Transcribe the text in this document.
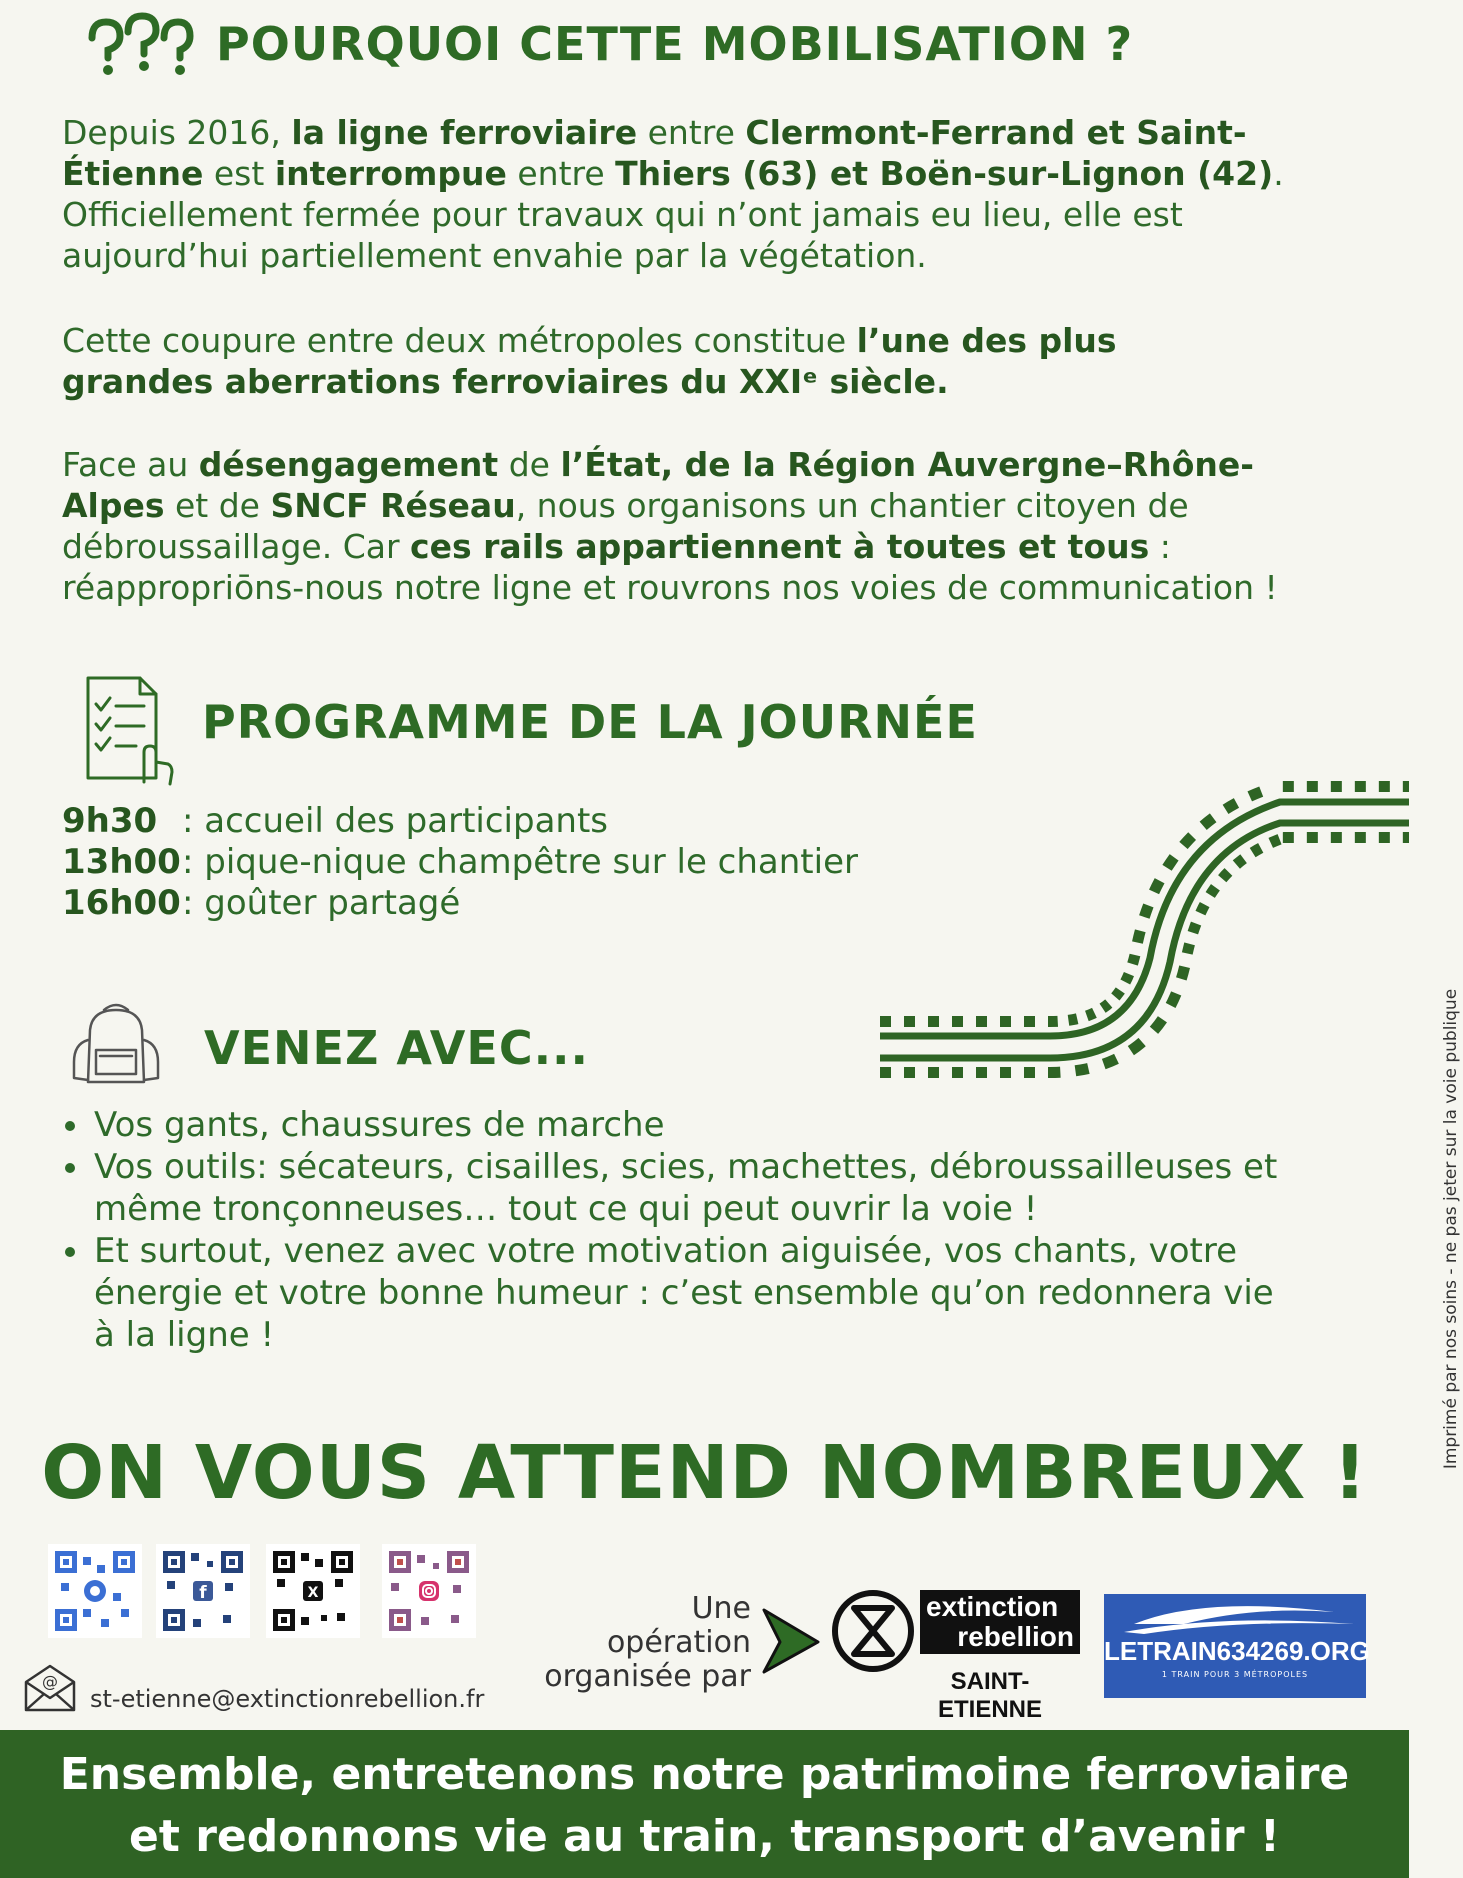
POURQUOI CETTE MOBILISATION ?

Depuis 2016, la ligne ferroviaire entre Clermont-Ferrand et Saint-Étienne est interrompue entre Thiers (63) et Boën-sur-Lignon (42). Officiellement fermée pour travaux qui n’ont jamais eu lieu, elle est aujourd’hui partiellement envahie par la végétation.

Cette coupure entre deux métropoles constitue l’une des plus grandes aberrations ferroviaires du XXIᵉ siècle.

Face au désengagement de l’État, de la Région Auvergne–Rhône-Alpes et de SNCF Réseau, nous organisons un chantier citoyen de débroussaillage. Car ces rails appartiennent à toutes et tous : réappropriōns-nous notre ligne et rouvrons nos voies de communication !

PROGRAMME DE LA JOURNÉE
9h30 : accueil des participants
13h00: pique-nique champêtre sur le chantier
16h00: goûter partagé
VENEZ AVEC...
• Vos gants, chaussures de marche
• Vos outils: sécateurs, cisailles, scies, machettes, débroussailleuses et même tronçonneuses… tout ce qui peut ouvrir la voie !
• Et surtout, venez avec votre motivation aiguisée, vos chants, votre énergie et votre bonne humeur : c’est ensemble qu’on redonnera vie à la ligne !	Imprimé par nos soins - ne pas jeter sur la voie publique
ON VOUS ATTEND NOMBREUX !
f	X
@
st-etienne@extinctionrebellion.fr
Une
opération
organisée par
extinction
rebellion
SAINT-ETIENNE
LETRAIN634269.ORG
1 TRAIN POUR 3 MÉTROPOLES

Ensemble, entretenons notre patrimoine ferroviaire

et redonnons vie au train, transport d’avenir !
